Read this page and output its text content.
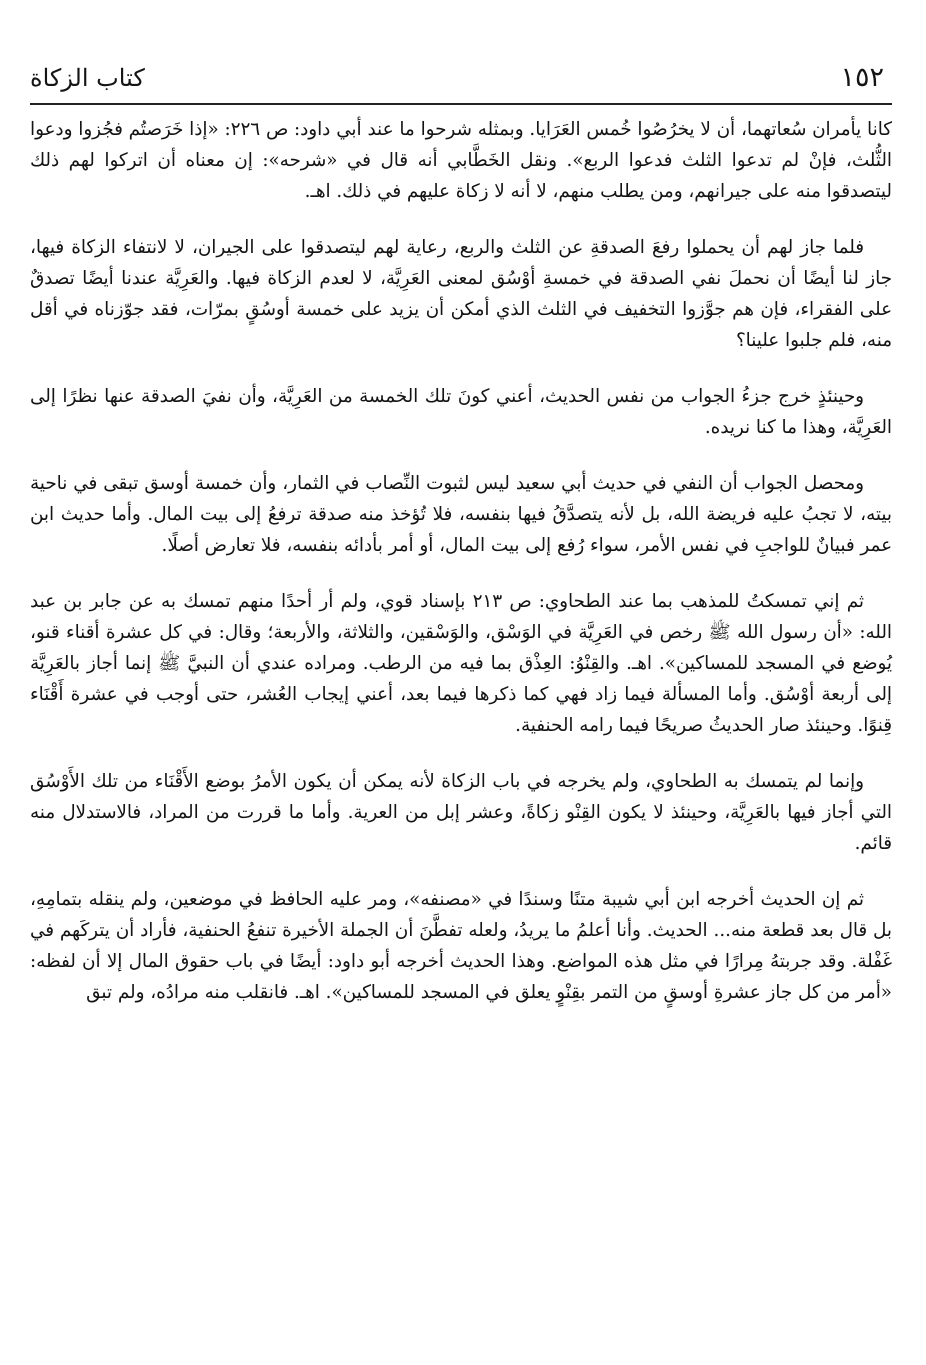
١٥٢
كتاب الزكاة

كانا يأمران سُعاتهما، أن لا يخرُصُوا خُمس العَرَايا. وبمثله شرحوا ما عند أبي داود: ص ٢٢٦: «إذا خَرَصتُم فجُزوا ودعوا الثُّلث، فإنْ لم تدعوا الثلث فدعوا الربع». ونقل الخَطَّابي أنه قال في «شرحه»: إن معناه أن اتركوا لهم ذلك ليتصدقوا منه على جيرانهم، ومن يطلب منهم، لا أنه لا زكاة عليهم في ذلك. اهـ.

فلما جاز لهم أن يحملوا رفعَ الصدقةِ عن الثلث والربع، رعاية لهم ليتصدقوا على الجيران، لا لانتفاء الزكاة فيها، جاز لنا أيضًا أن نحملَ نفي الصدقة في خمسةِ أوْسُق لمعنى العَرِيَّة، لا لعدم الزكاة فيها. والعَرِيَّة عندنا أيضًا تصدقٌ على الفقراء، فإن هم جوَّزوا التخفيف في الثلث الذي أمكن أن يزيد على خمسة أوسُقٍ بمرّات، فقد جوّزناه في أقل منه، فلم جلبوا علينا؟

وحينئذٍ خرج جزءُ الجواب من نفس الحديث، أعني كونَ تلك الخمسة من العَرِيَّة، وأن نفيَ الصدقة عنها نظرًا إلى العَرِيَّة، وهذا ما كنا نريده.

ومحصل الجواب أن النفي في حديث أبي سعيد ليس لثبوت النِّصاب في الثمار، وأن خمسة أوسق تبقى في ناحية بيته، لا تجبُ عليه فريضة الله، بل لأنه يتصدَّقُ فيها بنفسه، فلا تُؤخذ منه صدقة ترفعُ إلى بيت المال. وأما حديث ابن عمر فبيانٌ للواجبِ في نفس الأمر، سواء رُفع إلى بيت المال، أو أمر بأدائه بنفسه، فلا تعارض أصلًا.

ثم إني تمسكتُ للمذهب بما عند الطحاوي: ص ٢١٣ بإسناد قوي، ولم أر أحدًا منهم تمسك به عن جابر بن عبد الله: «أن رسول الله ﷺ رخص في العَرِيَّة في الوَسْق، والوَسْقين، والثلاثة، والأربعة؛ وقال: في كل عشرة أقناء قنو، يُوضع في المسجد للمساكين». اهـ. والقِنْوُ: العِذْق بما فيه من الرطب. ومراده عندي أن النبيَّ ﷺ إنما أجاز بالعَرِيَّة إلى أربعة أوْسُق. وأما المسألة فيما زاد فهي كما ذكرها فيما بعد، أعني إيجاب العُشر، حتى أوجب في عشرة أَقْنَاء قِنوًا. وحينئذ صار الحديثُ صريحًا فيما رامه الحنفية.

وإنما لم يتمسك به الطحاوي، ولم يخرجه في باب الزكاة لأنه يمكن أن يكون الأمرُ بوضع الأَقْنَاء من تلك الأَوْسُق التي أجاز فيها بالعَرِيَّة، وحينئذ لا يكون القِنْو زكاةً، وعشر إبل من العرية. وأما ما قررت من المراد، فالاستدلال منه قائم.

ثم إن الحديث أخرجه ابن أبي شيبة متنًا وسندًا في «مصنفه»، ومر عليه الحافظ في موضعين، ولم ينقله بتمامِهِ، بل قال بعد قطعة منه... الحديث. وأنا أعلمُ ما يريدُ، ولعله تفطَّنَ أن الجملة الأخيرة تنفعُ الحنفية، فأراد أن يتركَهم في غَفْلة. وقد جربتهُ مِرارًا في مثل هذه المواضع. وهذا الحديث أخرجه أبو داود: أيضًا في باب حقوق المال إلا أن لفظه: «أمر من كل جاز عشرةِ أوسقٍ من التمر بقِنْوٍ يعلق في المسجد للمساكين». اهـ. فانقلب منه مرادُه، ولم تبق
